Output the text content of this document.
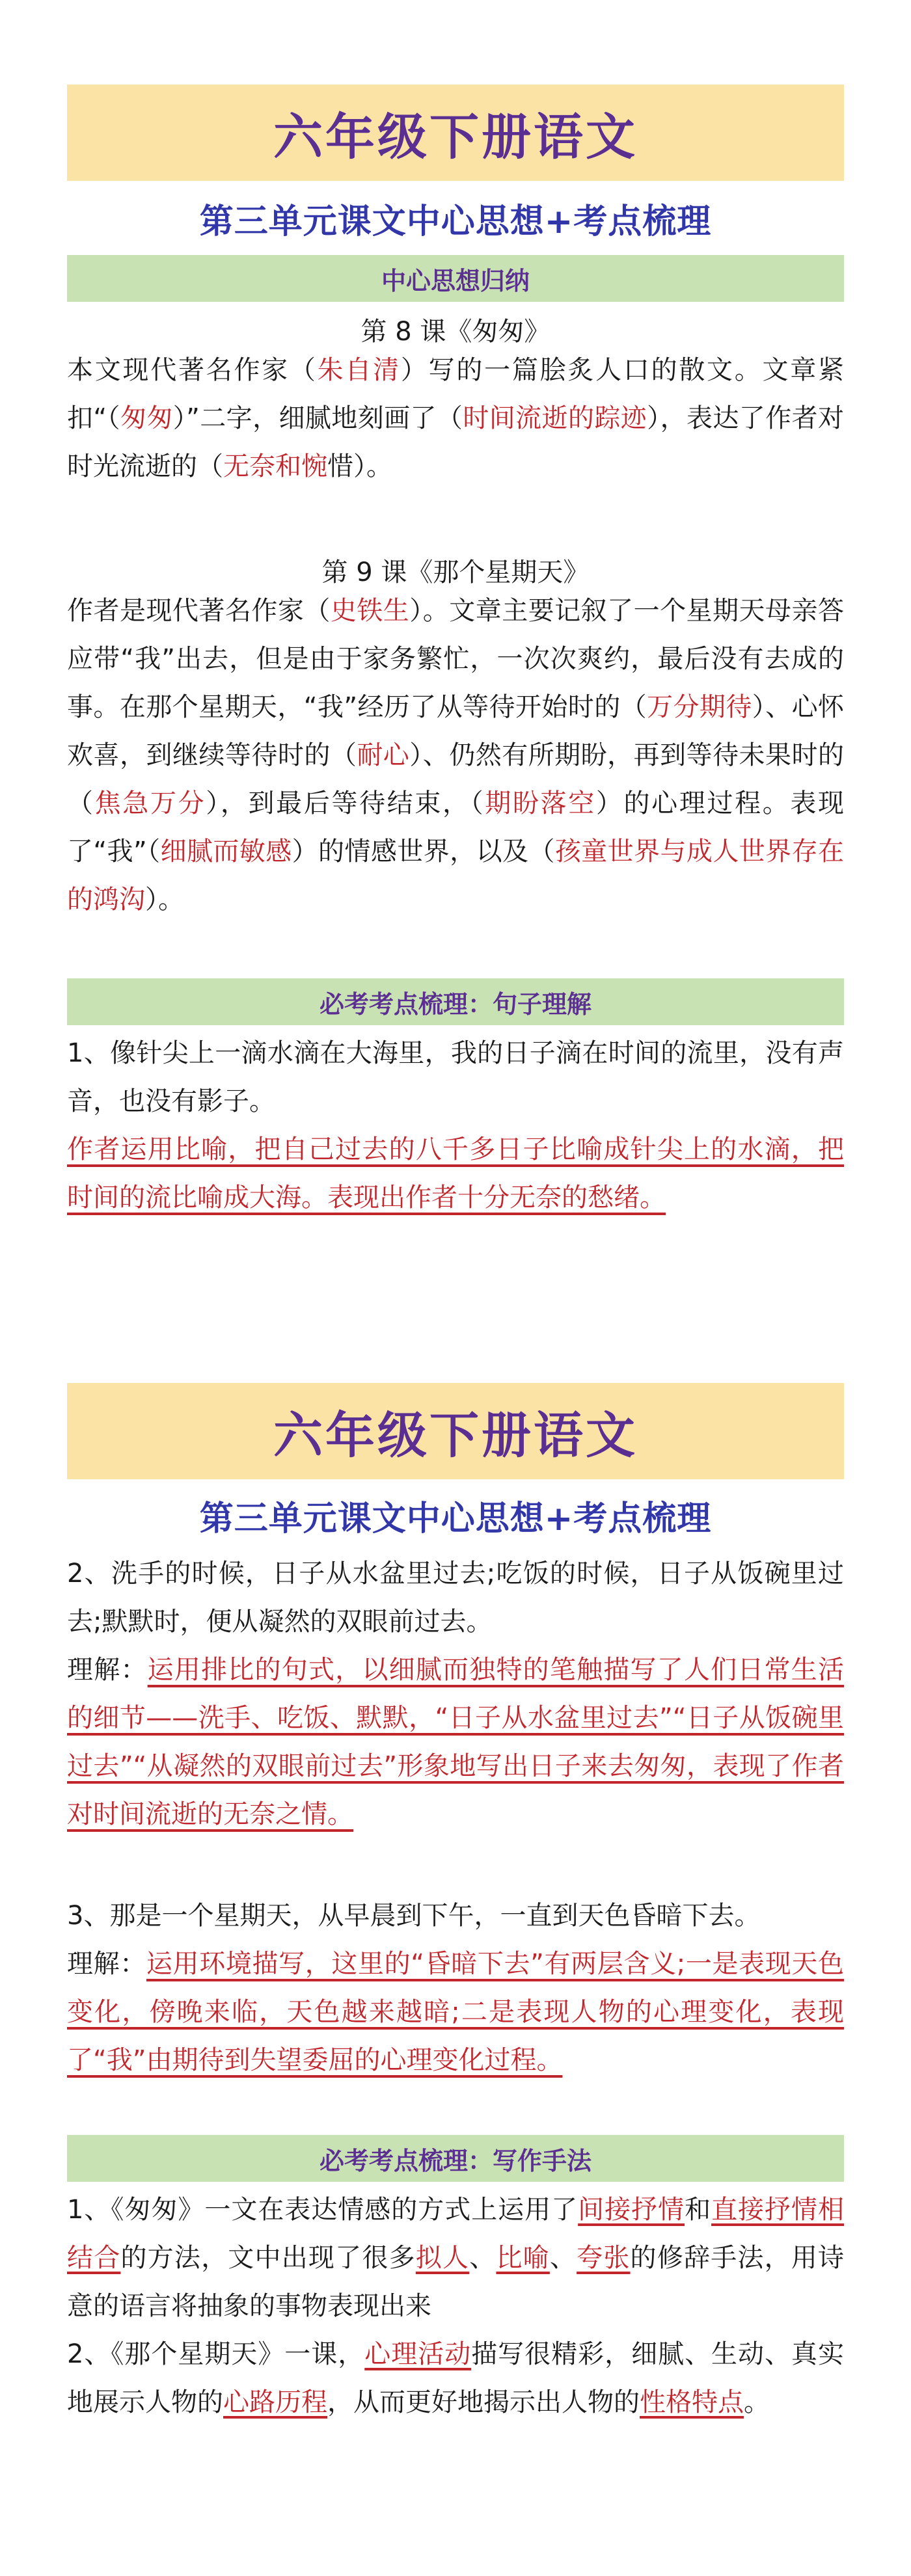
六年级下册语文
第三单元课文中心思想+考点梳理
中心思想归纳
第 8 课《匆匆》

本文现代著名作家（朱自清）写的一篇脍炙人口的散文。文章紧扣“（匆匆）”二字，细腻地刻画了（时间流逝的踪迹），表达了作者对时光流逝的（无奈和惋惜）。

第 9 课《那个星期天》

作者是现代著名作家（史铁生）。文章主要记叙了一个星期天母亲答应带“我”出去，但是由于家务繁忙，一次次爽约，最后没有去成的事。在那个星期天，“我”经历了从等待开始时的（万分期待）、心怀欢喜，到继续等待时的（耐心）、仍然有所期盼，再到等待未果时的（焦急万分），到最后等待结束，（期盼落空）的心理过程。表现了“我”（细腻而敏感）的情感世界，以及（孩童世界与成人世界存在的鸿沟）。

必考考点梳理：句子理解

1、像针尖上一滴水滴在大海里，我的日子滴在时间的流里，没有声音，也没有影子。

作者运用比喻，把自己过去的八千多日子比喻成针尖上的水滴，把时间的流比喻成大海。表现出作者十分无奈的愁绪。

六年级下册语文
第三单元课文中心思想+考点梳理

2、洗手的时候，日子从水盆里过去;吃饭的时候，日子从饭碗里过去;默默时，便从凝然的双眼前过去。

理解：运用排比的句式，以细腻而独特的笔触描写了人们日常生活的细节——洗手、吃饭、默默，“日子从水盆里过去”“日子从饭碗里过去”“从凝然的双眼前过去”形象地写出日子来去匆匆，表现了作者对时间流逝的无奈之情。

3、那是一个星期天，从早晨到下午，一直到天色昏暗下去。

理解：运用环境描写，这里的“昏暗下去”有两层含义;一是表现天色变化，傍晚来临，天色越来越暗;二是表现人物的心理变化，表现了“我”由期待到失望委屈的心理变化过程。

必考考点梳理：写作手法

1、《匆匆》一文在表达情感的方式上运用了间接抒情和直接抒情相结合的方法，文中出现了很多拟人、比喻、夸张的修辞手法，用诗意的语言将抽象的事物表现出来

2、《那个星期天》一课，心理活动描写很精彩，细腻、生动、真实地展示人物的心路历程，从而更好地揭示出人物的性格特点。
